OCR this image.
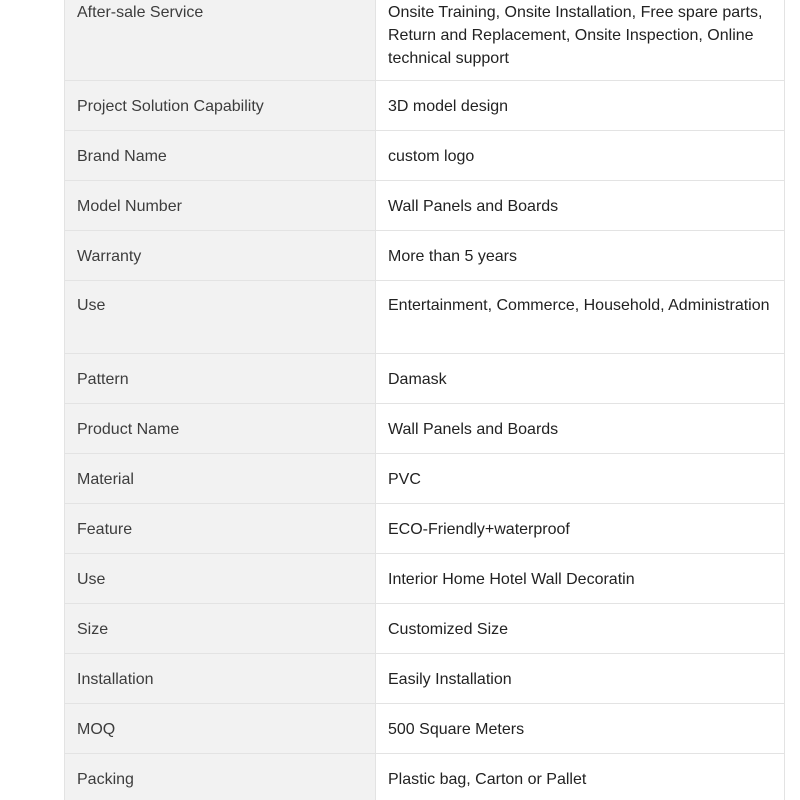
After-sale Service	Onsite Training, Onsite Installation, Free spare parts, Return and Replacement, Onsite Inspection, Online technical support
Project Solution Capability	3D model design
Brand Name	custom logo
Model Number	Wall Panels and Boards
Warranty	More than 5 years
Use	Entertainment, Commerce, Household, Administration
Pattern	Damask
Product Name	Wall Panels and Boards
Material	PVC
Feature	ECO-Friendly+waterproof
Use	Interior Home Hotel Wall Decoratin
Size	Customized Size
Installation	Easily Installation
MOQ	500 Square Meters
Packing	Plastic bag, Carton or Pallet
